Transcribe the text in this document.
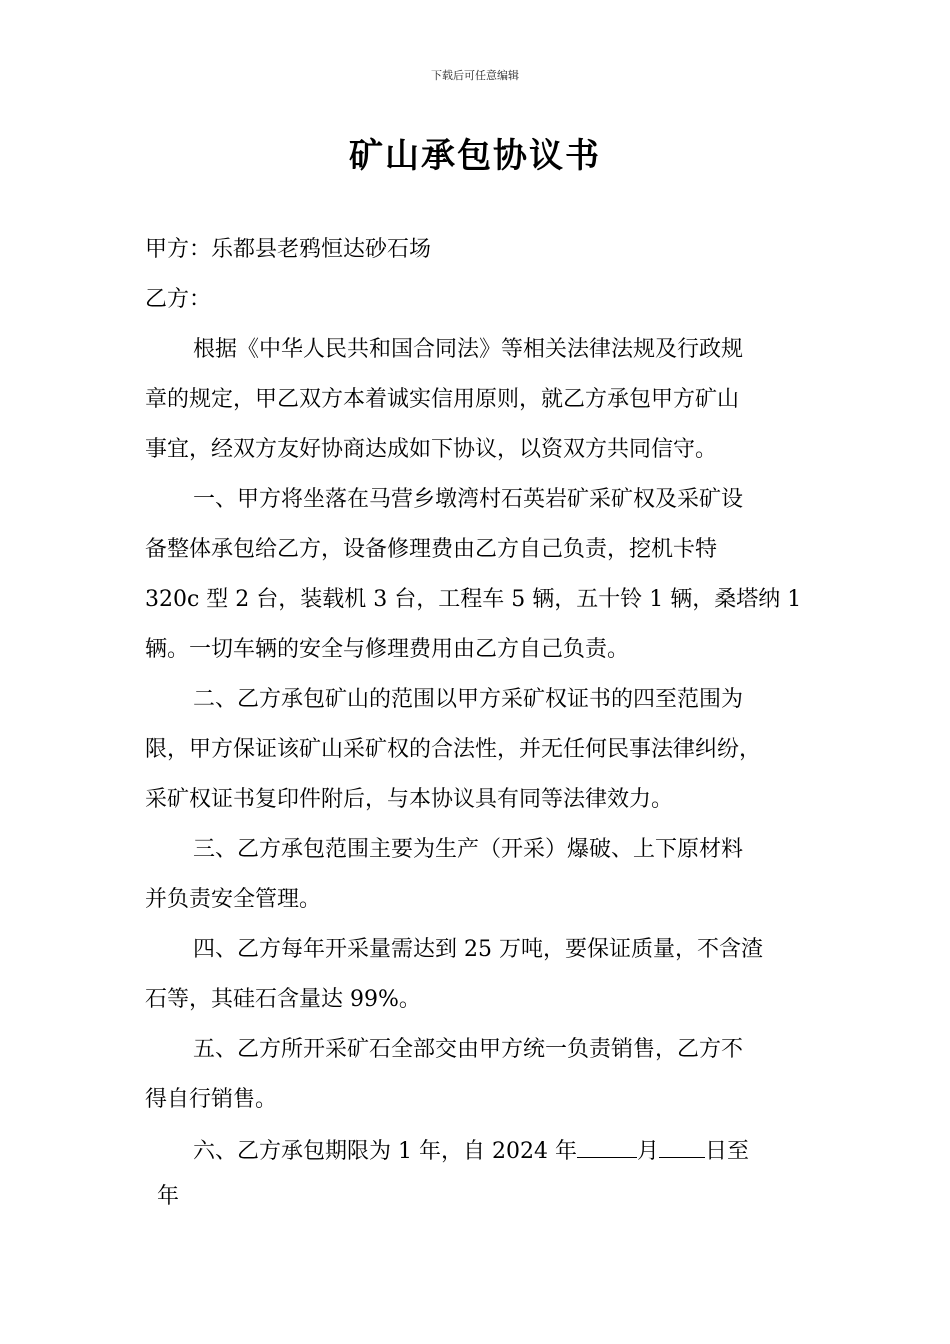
下载后可任意编辑
矿山承包协议书
甲方：乐都县老鸦恒达砂石场
乙方：
根据《中华人民共和国合同法》等相关法律法规及行政规
章的规定，甲乙双方本着诚实信用原则，就乙方承包甲方矿山
事宜，经双方友好协商达成如下协议，以资双方共同信守。
一、甲方将坐落在马营乡墩湾村石英岩矿采矿权及采矿设
备整体承包给乙方，设备修理费由乙方自己负责，挖机卡特
320c 型 2 台，装载机 3 台，工程车 5 辆，五十铃 1 辆，桑塔纳 1
辆。一切车辆的安全与修理费用由乙方自己负责。
二、乙方承包矿山的范围以甲方采矿权证书的四至范围为
限，甲方保证该矿山采矿权的合法性，并无任何民事法律纠纷，
采矿权证书复印件附后，与本协议具有同等法律效力。
三、乙方承包范围主要为生产（开采）爆破、上下原材料
并负责安全管理。
四、乙方每年开采量需达到 25 万吨，要保证质量，不含渣
石等，其硅石含量达 99%。
五、乙方所开采矿石全部交由甲方统一负责销售，乙方不
得自行销售。
六、乙方承包期限为 1 年，自 2024 年	月 日至
年
